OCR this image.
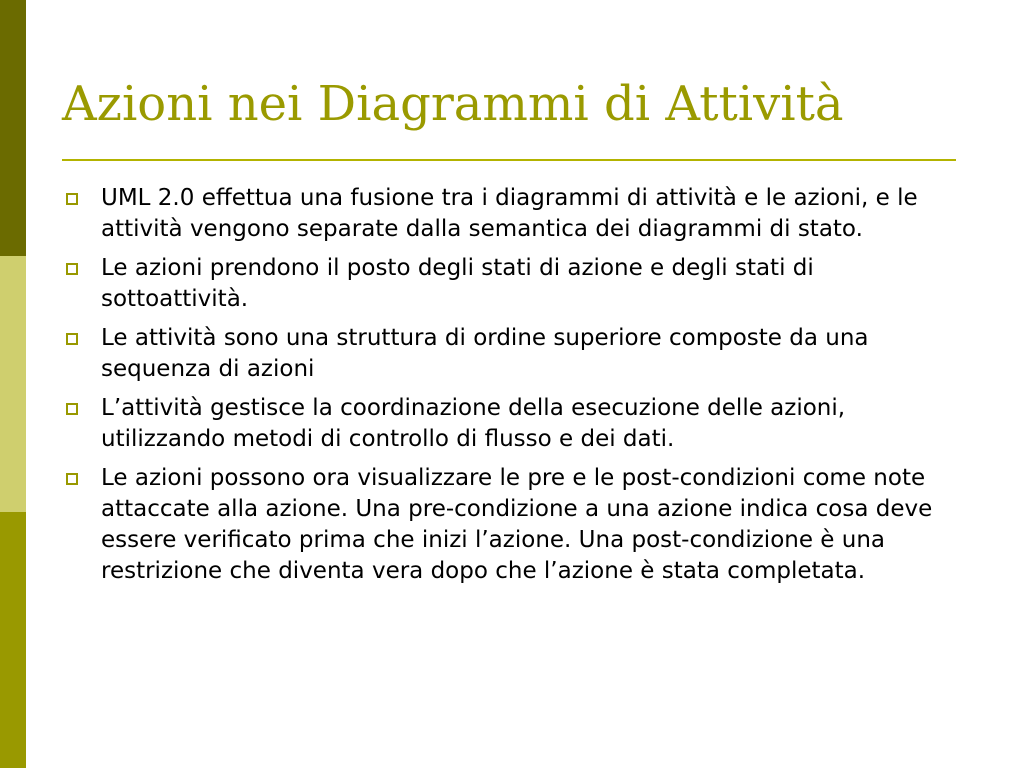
Azioni nei Diagrammi di Attività
UML 2.0 effettua una fusione tra i diagrammi di attività e le azioni, e le attività vengono separate dalla semantica dei diagrammi di stato.
Le azioni prendono il posto degli stati di azione e degli stati di sottoattività.
Le attività sono una struttura di ordine superiore composte da una sequenza di azioni
L’attività gestisce la coordinazione della esecuzione delle azioni, utilizzando metodi di controllo di flusso e dei dati.
Le azioni possono ora visualizzare le pre e le post-condizioni come note attaccate alla azione. Una pre-condizione a una azione indica cosa deve essere verificato prima che inizi l’azione. Una post-condizione è una restrizione che diventa vera dopo che l’azione è stata completata.
